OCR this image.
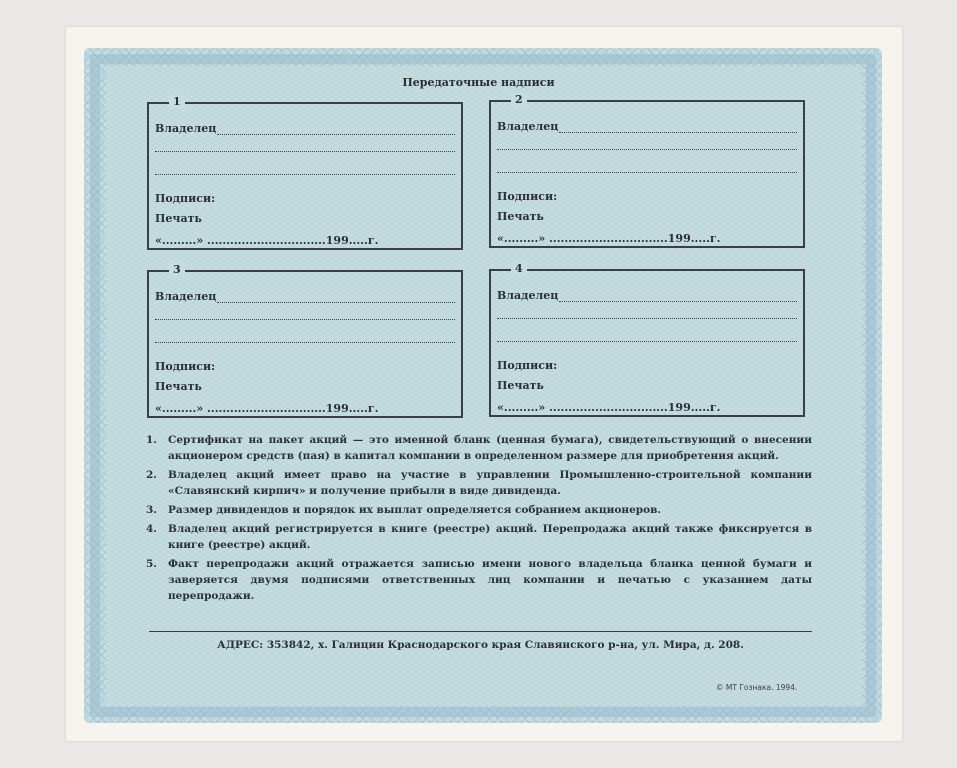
Передаточные надписи
1
Владелец
Подписи:
Печать
«.........» ...............................199.....г.
2
Владелец
Подписи:
Печать
«.........» ...............................199.....г.
3
Владелец
Подписи:
Печать
«.........» ...............................199.....г.
4
Владелец
Подписи:
Печать
«.........» ...............................199.....г.
1.	Сертификат на пакет акций — это именной бланк (ценная бумага), свидетельствующий о внесении акционером средств (пая) в капитал компании в определенном размере для приобретения акций.
2.	Владелец акций имеет право на участие в управлении Промышленно-строительной компании «Славянский кирпич» и получение прибыли в виде дивиденда.
3.	Размер дивидендов и порядок их выплат определяется собранием акционеров.
4.	Владелец акций регистрируется в книге (реестре) акций. Перепродажа акций также фиксируется в книге (реестре) акций.
5.	Факт перепродажи акций отражается записью имени нового владельца бланка ценной бумаги и заверяется двумя подписями ответственных лиц компании и печатью с указанием даты перепродажи.
АДРЕС: 353842, х. Галицин Краснодарского края Славянского р-на, ул. Мира, д. 208.
© МТ Гознака. 1994.
